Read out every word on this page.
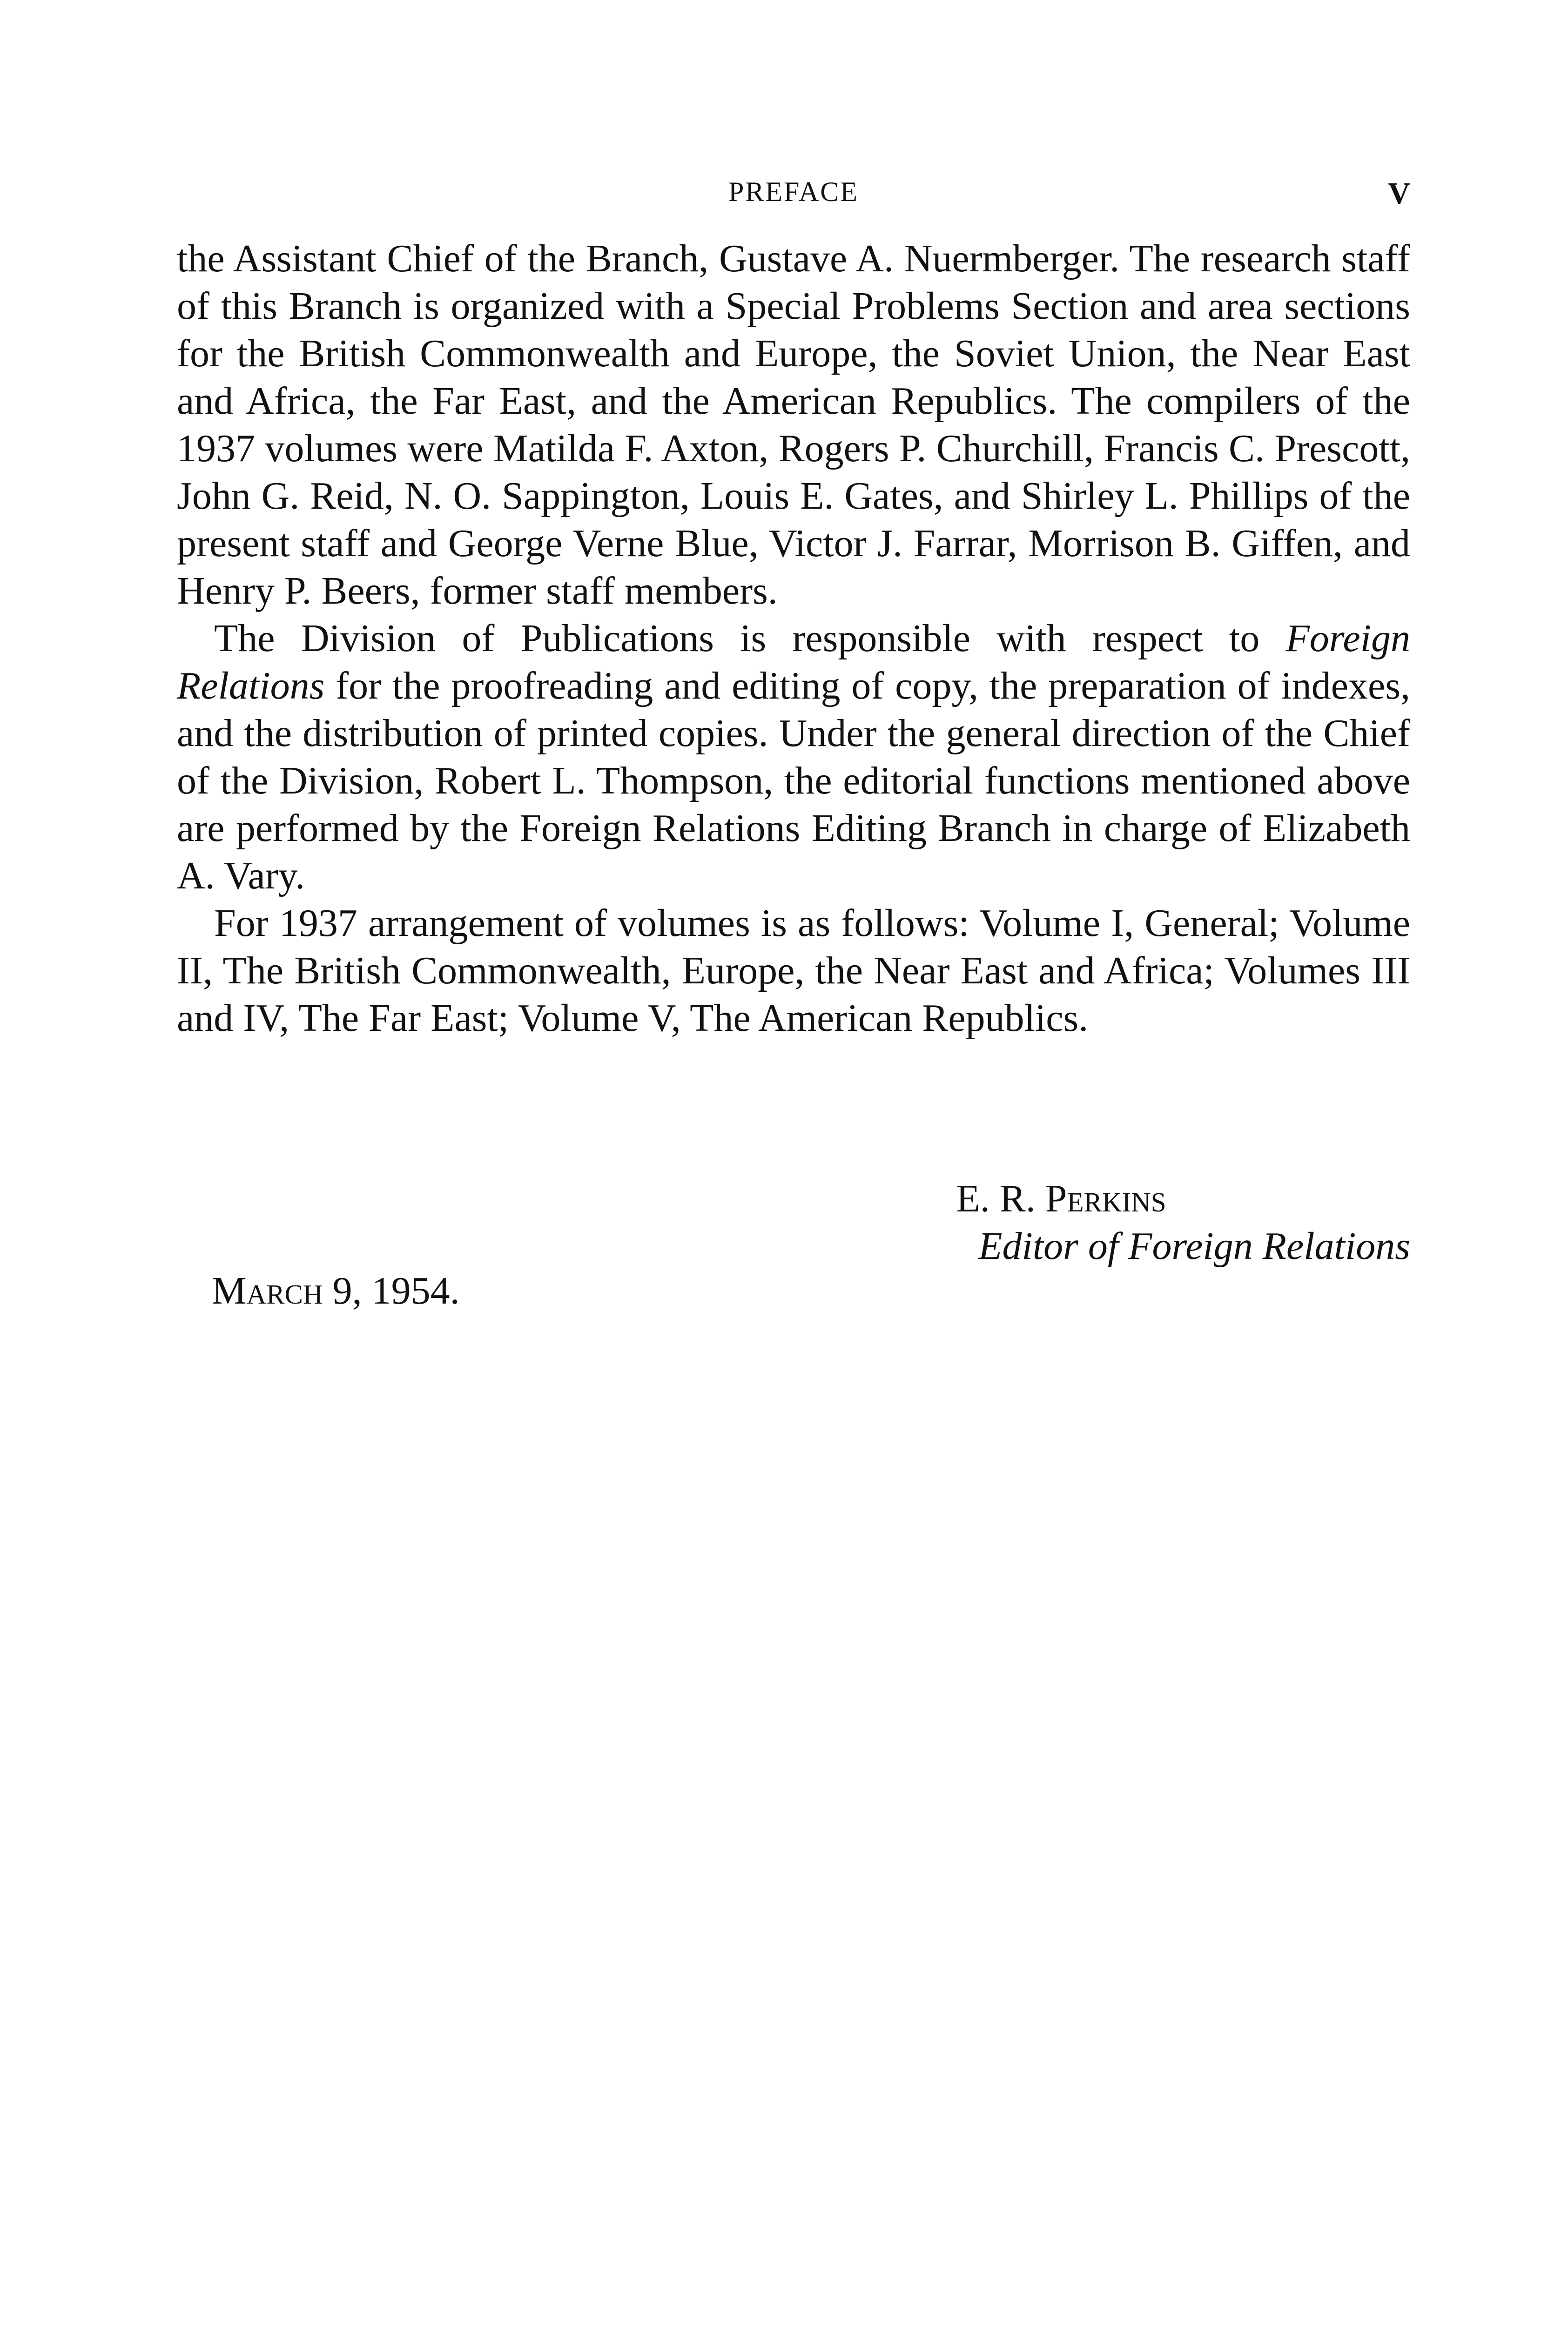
PREFACE	V

the Assistant Chief of the Branch, Gustave A. Nuermberger. The research staff of this Branch is organized with a Special Problems Section and area sections for the British Commonwealth and Europe, the Soviet Union, the Near East and Africa, the Far East, and the American Republics. The compilers of the 1937 volumes were Matilda F. Axton, Rogers P. Churchill, Francis C. Prescott, John G. Reid, N. O. Sappington, Louis E. Gates, and Shirley L. Phillips of the present staff and George Verne Blue, Victor J. Farrar, Morrison B. Giffen, and Henry P. Beers, former staff members.

The Division of Publications is responsible with respect to Foreign Relations for the proofreading and editing of copy, the preparation of indexes, and the distribution of printed copies. Under the general direction of the Chief of the Division, Robert L. Thompson, the editorial functions mentioned above are performed by the Foreign Relations Editing Branch in charge of Elizabeth A. Vary.

For 1937 arrangement of volumes is as follows: Volume I, General; Volume II, The British Commonwealth, Europe, the Near East and Africa; Volumes III and IV, The Far East; Volume V, The American Republics.

E. R. Perkins
Editor of Foreign Relations
March 9, 1954.
